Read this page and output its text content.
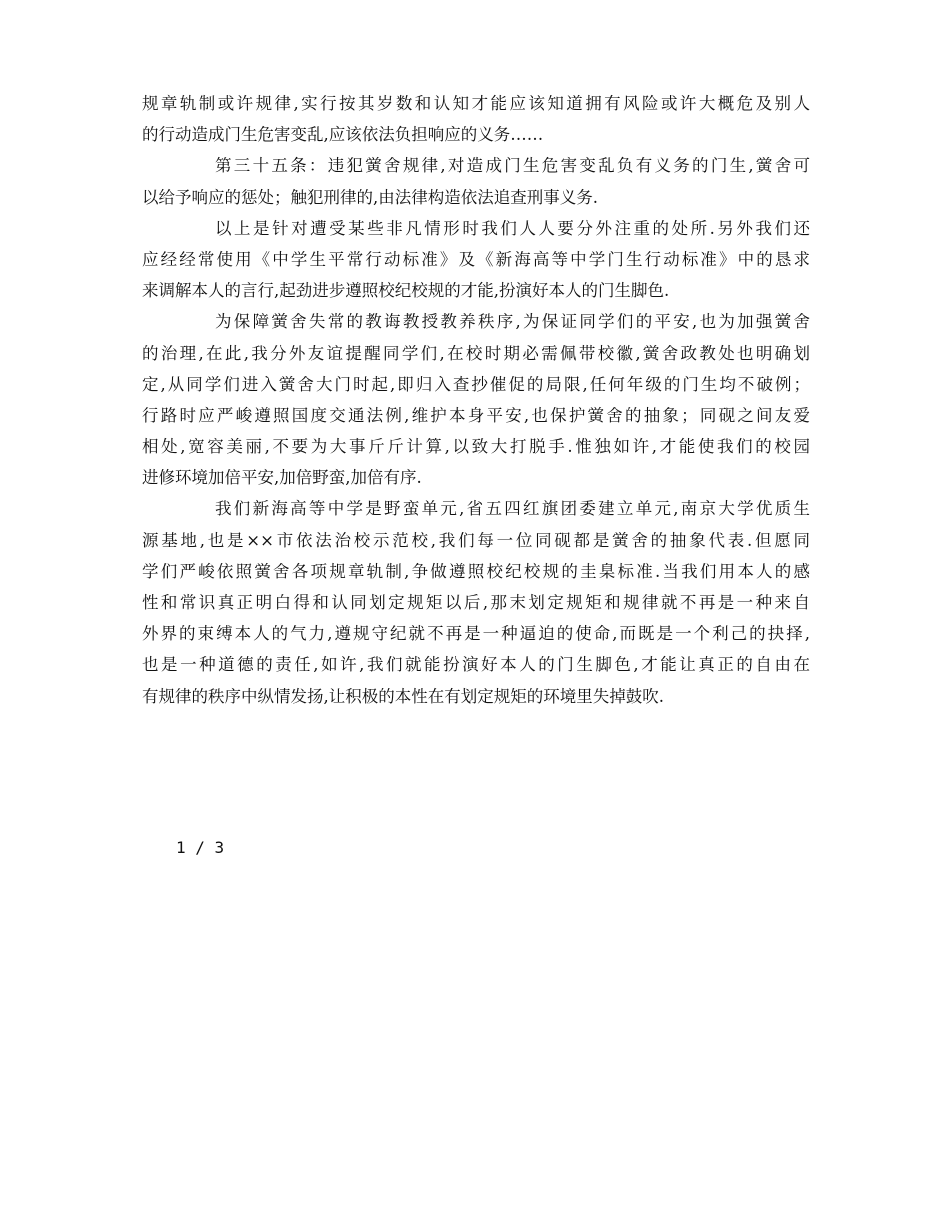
规章轨制或许规律,实行按其岁数和认知才能应该知道拥有风险或许大概危及别人
的行动造成门生危害变乱,应该依法负担响应的义务……
第三十五条：违犯黉舍规律,对造成门生危害变乱负有义务的门生,黉舍可
以给予响应的惩处；触犯刑律的,由法律构造依法追查刑事义务.
以上是针对遭受某些非凡情形时我们人人要分外注重的处所.另外我们还
应经经常使用《中学生平常行动标准》及《新海高等中学门生行动标准》中的恳求
来调解本人的言行,起劲进步遵照校纪校规的才能,扮演好本人的门生脚色.
为保障黉舍失常的教诲教授教养秩序,为保证同学们的平安,也为加强黉舍
的治理,在此,我分外友谊提醒同学们,在校时期必需佩带校徽,黉舍政教处也明确划
定,从同学们进入黉舍大门时起,即归入查抄催促的局限,任何年级的门生均不破例；
行路时应严峻遵照国度交通法例,维护本身平安,也保护黉舍的抽象；同砚之间友爱
相处,宽容美丽,不要为大事斤斤计算,以致大打脱手.惟独如许,才能使我们的校园
进修环境加倍平安,加倍野蛮,加倍有序.
我们新海高等中学是野蛮单元,省五四红旗团委建立单元,南京大学优质生
源基地,也是××市依法治校示范校,我们每一位同砚都是黉舍的抽象代表.但愿同
学们严峻依照黉舍各项规章轨制,争做遵照校纪校规的圭臬标准.当我们用本人的感
性和常识真正明白得和认同划定规矩以后,那末划定规矩和规律就不再是一种来自
外界的束缚本人的气力,遵规守纪就不再是一种逼迫的使命,而既是一个利己的抉择,
也是一种道德的责任,如许,我们就能扮演好本人的门生脚色,才能让真正的自由在
有规律的秩序中纵情发扬,让积极的本性在有划定规矩的环境里失掉鼓吹.
1 / 3
